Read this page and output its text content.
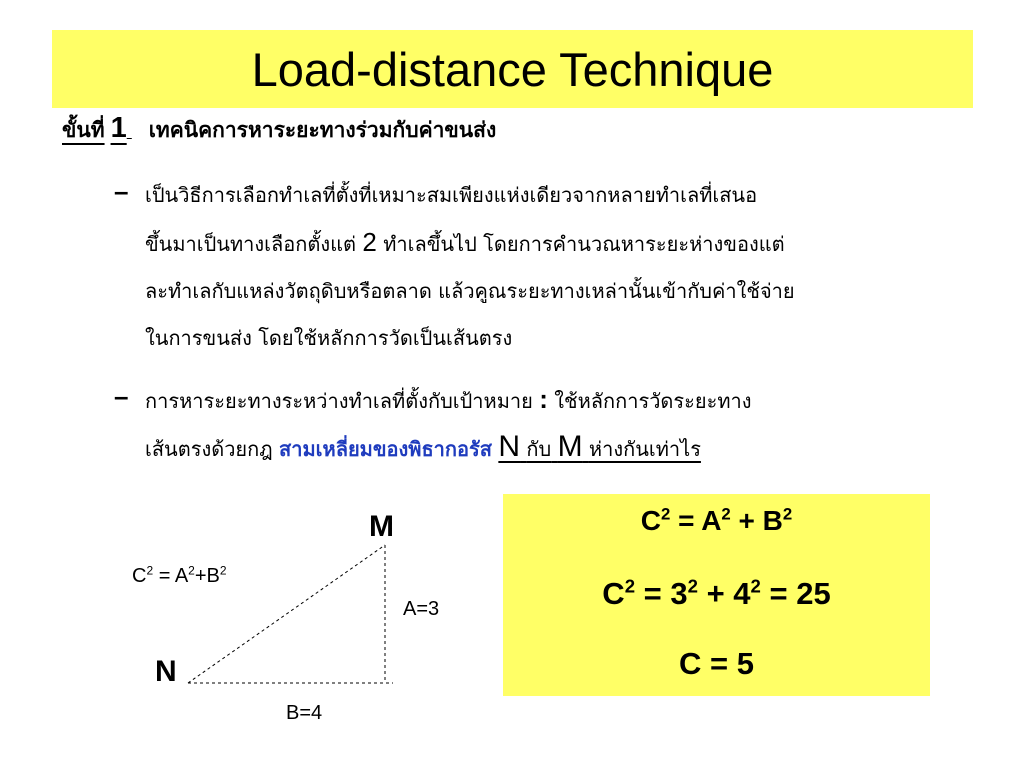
Load-distance Technique
ขั้นที่ 1
เทคนิคการหาระยะทางร่วมกับค่าขนส่ง
– เป็นวิธีการเลือกทำเลที่ตั้งที่เหมาะสมเพียงแห่งเดียวจากหลายทำเลที่เสนอ
ขึ้นมาเป็นทางเลือกตั้งแต่ 2 ทำเลขึ้นไป โดยการคำนวณหาระยะห่างของแต่
ละทำเลกับแหล่งวัตถุดิบหรือตลาด แล้วคูณระยะทางเหล่านั้นเข้ากับค่าใช้จ่าย
ในการขนส่ง โดยใช้หลักการวัดเป็นเส้นตรง
– การหาระยะทางระหว่างทำเลที่ตั้งกับเป้าหมาย : ใช้หลักการวัดระยะทาง
เส้นตรงด้วยกฎ สามเหลี่ยมของพิธากอรัส N กับ M ห่างกันเท่าไร
M
N
A=3
B=4
$C^2 = A^2+B^2$
$C^2 = A^2 + B^2$
$C^2 = 3^2 + 4^2 = 25$
C = 5
